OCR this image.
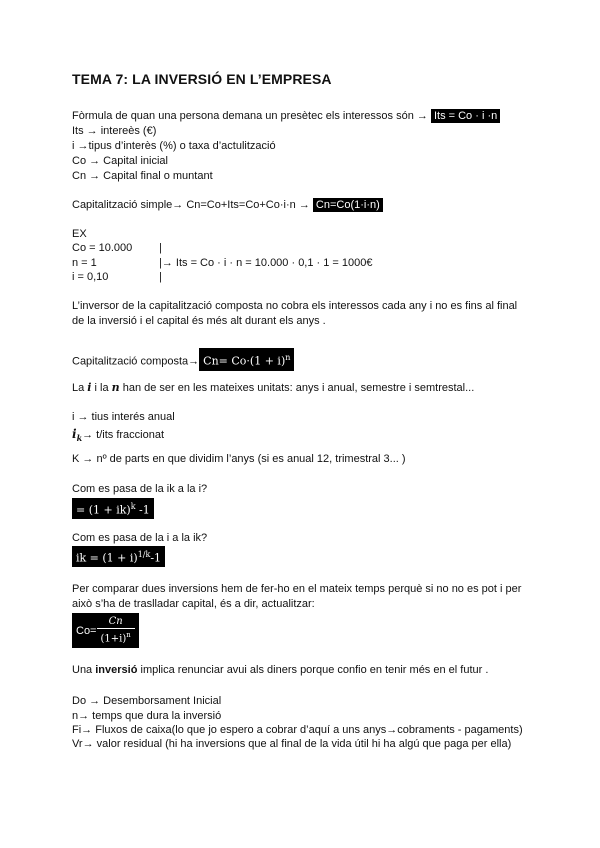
TEMA 7: LA INVERSIÓ EN L’EMPRESA
Fòrmula de quan una persona demana un presètec els interessos són → Its = Co · i ·n
Its → intereès (€)
i →tipus d’interès (%) o taxa d’actulització
Co → Capital inicial
Cn → Capital final o muntant
Capitalització simple→ Cn=Co+Its=Co+Co·i·n → Cn=Co(1·i·n)
EX
Co = 10.000 |
n = 1	|→ Its = Co · i · n = 10.000 · 0,1 · 1 = 1000€
i = 0,10	|
L’inversor de la capitalització composta no cobra els interessos cada any i no es fins al final
de la inversió i el capital és més alt durant els anys .
Capitalització composta→ $Cn= Co\cdot(1 + i)^n$
La i i la n han de ser en les mateixes unitats: anys i anual, semestre i semtrestal...
i → tius interés anual
$i_k\to t/its$ fraccionat
K → nº de parts en que dividim l’anys (si es anual 12, trimestral 3... )
Com es pasa de la ik a la i?
= (1 + ik)$^k$ -1
Com es pasa de la i a la ik?
ik = $(1 + i)^{1/k}-1$
Per comparar dues inversions hem de fer-ho en el mateix temps perquè si no no es pot i per
això s’ha de traslladar capital, és a dir, actualitzar:
$Co= \frac{Cn}{(1+i)^n}$
Una inversió implica renunciar avui als diners porque confio en tenir més en el futur .
Do → Desemborsament Inicial
n→ temps que dura la inversió
Fi→ Fluxos de caixa(lo que jo espero a cobrar d’aquí a uns anys→cobraments - pagaments)
Vr→ valor residual (hi ha inversions que al final de la vida útil hi ha algú que paga per ella)
